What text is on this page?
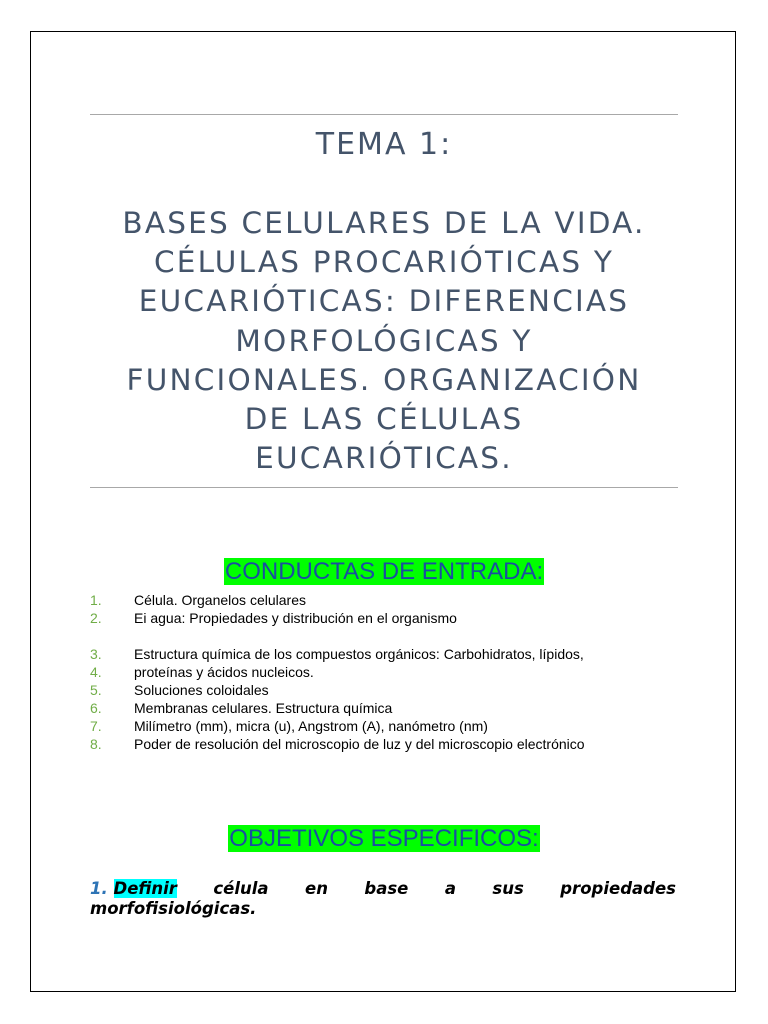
TEMA 1:
BASES CELULARES DE LA VIDA.
CÉLULAS PROCARIÓTICAS Y
EUCARIÓTICAS: DIFERENCIAS
MORFOLÓGICAS Y
FUNCIONALES. ORGANIZACIÓN
DE LAS CÉLULAS
EUCARIÓTICAS.
CONDUCTAS DE ENTRADA:
1.	Célula. Organelos celulares
2.	Ei agua: Propiedades y distribución en el organismo
3.	Estructura química de los compuestos orgánicos: Carbohidratos, lípidos,
4.	proteínas y ácidos nucleicos.
5.	Soluciones coloidales
6.	Membranas celulares. Estructura química
7.	Milímetro (mm), micra (u), Angstrom (A), nanómetro (nm)
8.	Poder de resolución del microscopio de luz y del microscopio electrónico
OBJETIVOS ESPECIFICOS:
1. Definir célula en base a sus propiedades
morfofisiológicas.
